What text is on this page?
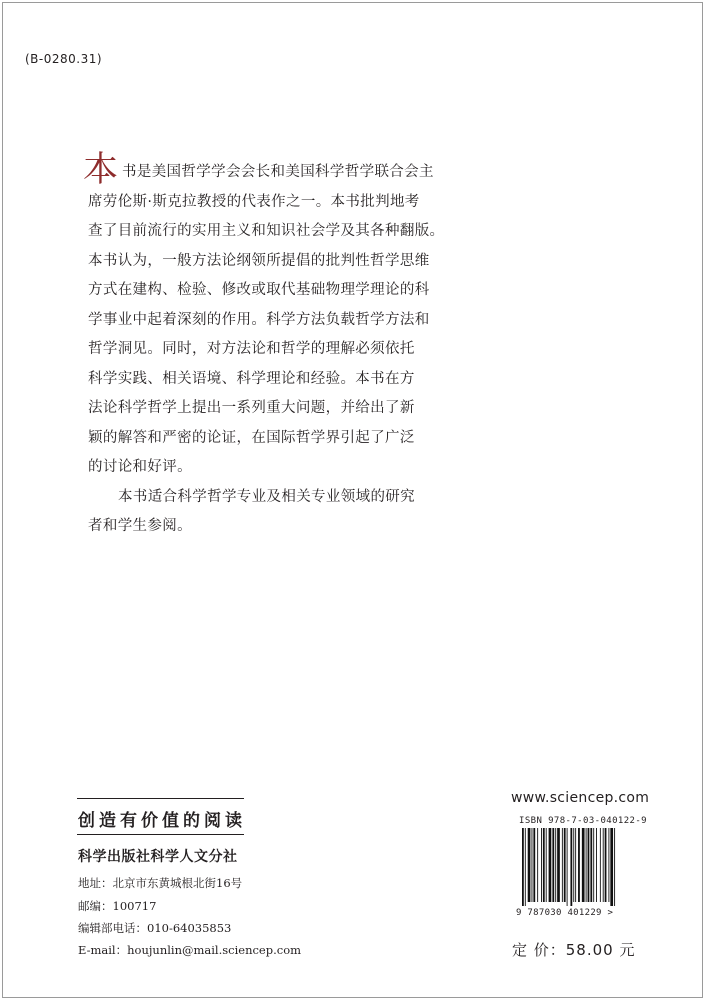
(B-0280.31)
本 书是美国哲学学会会长和美国科学哲学联合会主

席劳伦斯·斯克拉教授的代表作之一。本书批判地考

查了目前流行的实用主义和知识社会学及其各种翻版。

本书认为，一般方法论纲领所提倡的批判性哲学思维

方式在建构、检验、修改或取代基础物理学理论的科

学事业中起着深刻的作用。科学方法负载哲学方法和

哲学洞见。同时，对方法论和哲学的理解必须依托

科学实践、相关语境、科学理论和经验。本书在方

法论科学哲学上提出一系列重大问题，并给出了新

颖的解答和严密的论证，在国际哲学界引起了广泛

的讨论和好评。

本书适合科学哲学专业及相关专业领域的研究

者和学生参阅。

创造有价值的阅读
科学出版社科学人文分社
地址：北京市东黄城根北街16号
邮编：100717
编辑部电话：010-64035853
E-mail：houjunlin@mail.sciencep.com
www.sciencep.com
ISBN 978-7-03-040122-9
9 787030 401229 >
定 价：58.00 元
